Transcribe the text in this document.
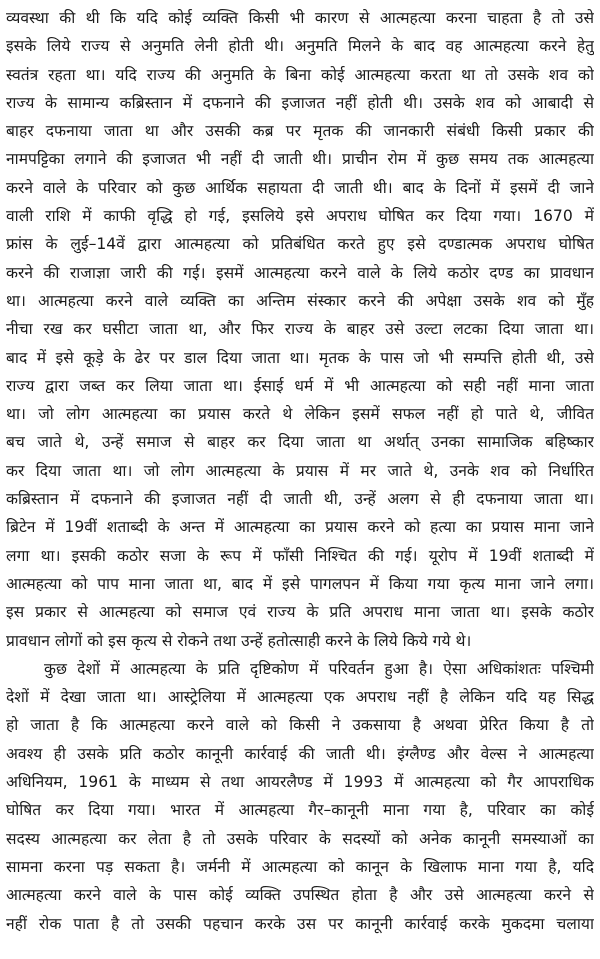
व्यवस्था की थी कि यदि कोई व्यक्ति किसी भी कारण से आत्महत्या करना चाहता है तो उसे
इसके लिये राज्य से अनुमति लेनी होती थी। अनुमति मिलने के बाद वह आत्महत्या करने हेतु
स्वतंत्र रहता था। यदि राज्य की अनुमति के बिना कोई आत्महत्या करता था तो उसके शव को
राज्य के सामान्य कब्रिस्तान में दफनाने की इजाजत नहीं होती थी। उसके शव को आबादी से
बाहर दफनाया जाता था और उसकी कब्र पर मृतक की जानकारी संबंधी किसी प्रकार की
नामपट्टिका लगाने की इजाजत भी नहीं दी जाती थी। प्राचीन रोम में कुछ समय तक आत्महत्या
करने वाले के परिवार को कुछ आर्थिक सहायता दी जाती थी। बाद के दिनों में इसमें दी जाने
वाली राशि में काफी वृद्धि हो गई, इसलिये इसे अपराध घोषित कर दिया गया। 1670 में
फ्रांस के लुई–14वें द्वारा आत्महत्या को प्रतिबंधित करते हुए इसे दण्डात्मक अपराध घोषित
करने की राजाज्ञा जारी की गई। इसमें आत्महत्या करने वाले के लिये कठोर दण्ड का प्रावधान
था। आत्महत्या करने वाले व्यक्ति का अन्तिम संस्कार करने की अपेक्षा उसके शव को मुँह
नीचा रख कर घसीटा जाता था, और फिर राज्य के बाहर उसे उल्टा लटका दिया जाता था।
बाद में इसे कूड़े के ढेर पर डाल दिया जाता था। मृतक के पास जो भी सम्पत्ति होती थी, उसे
राज्य द्वारा जब्त कर लिया जाता था। ईसाई धर्म में भी आत्महत्या को सही नहीं माना जाता
था। जो लोग आत्महत्या का प्रयास करते थे लेकिन इसमें सफल नहीं हो पाते थे, जीवित
बच जाते थे, उन्हें समाज से बाहर कर दिया जाता था अर्थात् उनका सामाजिक बहिष्कार
कर दिया जाता था। जो लोग आत्महत्या के प्रयास में मर जाते थे, उनके शव को निर्धारित
कब्रिस्तान में दफनाने की इजाजत नहीं दी जाती थी, उन्हें अलग से ही दफनाया जाता था।
ब्रिटेन में 19वीं शताब्दी के अन्त में आत्महत्या का प्रयास करने को हत्या का प्रयास माना जाने
लगा था। इसकी कठोर सजा के रूप में फाँसी निश्चित की गई। यूरोप में 19वीं शताब्दी में
आत्महत्या को पाप माना जाता था, बाद में इसे पागलपन में किया गया कृत्य माना जाने लगा।
इस प्रकार से आत्महत्या को समाज एवं राज्य के प्रति अपराध माना जाता था। इसके कठोर
प्रावधान लोगों को इस कृत्य से रोकने तथा उन्हें हतोत्साही करने के लिये किये गये थे।
कुछ देशों में आत्महत्या के प्रति दृष्टिकोण में परिवर्तन हुआ है। ऐसा अधिकांशतः पश्चिमी
देशों में देखा जाता था। आस्ट्रेलिया में आत्महत्या एक अपराध नहीं है लेकिन यदि यह सिद्ध
हो जाता है कि आत्महत्या करने वाले को किसी ने उकसाया है अथवा प्रेरित किया है तो
अवश्य ही उसके प्रति कठोर कानूनी कार्रवाई की जाती थी। इंग्लैण्ड और वेल्स ने आत्महत्या
अधिनियम, 1961 के माध्यम से तथा आयरलैण्ड में 1993 में आत्महत्या को गैर आपराधिक
घोषित कर दिया गया। भारत में आत्महत्या गैर–कानूनी माना गया है, परिवार का कोई
सदस्य आत्महत्या कर लेता है तो उसके परिवार के सदस्यों को अनेक कानूनी समस्याओं का
सामना करना पड़ सकता है। जर्मनी में आत्महत्या को कानून के खिलाफ माना गया है, यदि
आत्महत्या करने वाले के पास कोई व्यक्ति उपस्थित होता है और उसे आत्महत्या करने से
नहीं रोक पाता है तो उसकी पहचान करके उस पर कानूनी कार्रवाई करके मुकदमा चलाया
